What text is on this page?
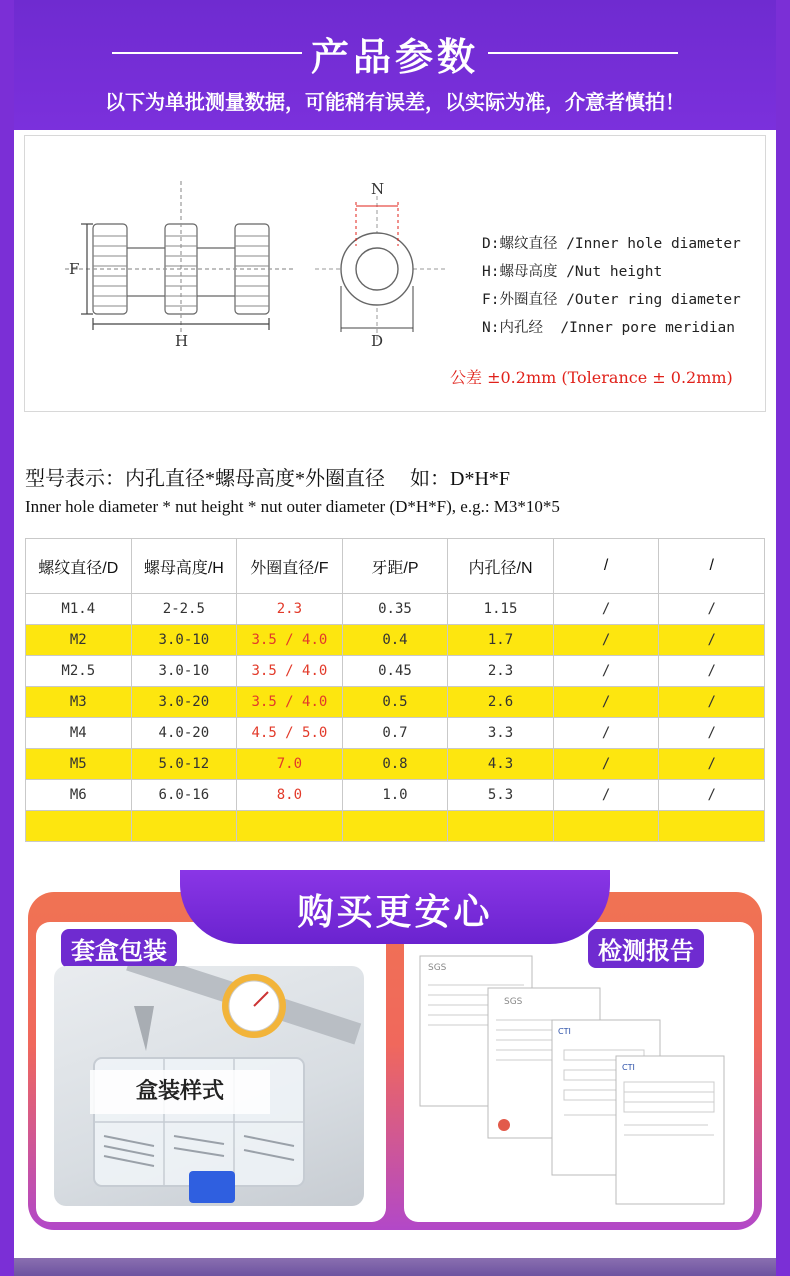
产品参数
以下为单批测量数据，可能稍有误差，以实际为准，介意者慎拍！
F
H
N
D
D:螺纹直径 /Inner hole diameter
H:螺母高度 /Nut height
F:外圈直径 /Outer ring diameter
N:内孔经  /Inner pore meridian
公差 ±0.2mm (Tolerance ± 0.2mm)
型号表示：内孔直径*螺母高度*外圈直径     如：D*H*F
Inner hole diameter * nut height * nut outer diameter (D*H*F), e.g.: M3*10*5
螺纹直径/D	螺母高度/H	外圈直径/F	牙距/P	内孔径/N	/	/
M1.4	2-2.5	2.3	0.35	1.15	/	/
M2	3.0-10	3.5 / 4.0	0.4	1.7	/	/
M2.5	3.0-10	3.5 / 4.0	0.45	2.3	/	/
M3	3.0-20	3.5 / 4.0	0.5	2.6	/	/
M4	4.0-20	4.5 / 5.0	0.7	3.3	/	/
M5	5.0-12	7.0	0.8	4.3	/	/
M6	6.0-16	8.0	1.0	5.3	/	/

购买更安心
套盒包装	检测报告
盒装样式
SGS
SGS
CTI
CTI
